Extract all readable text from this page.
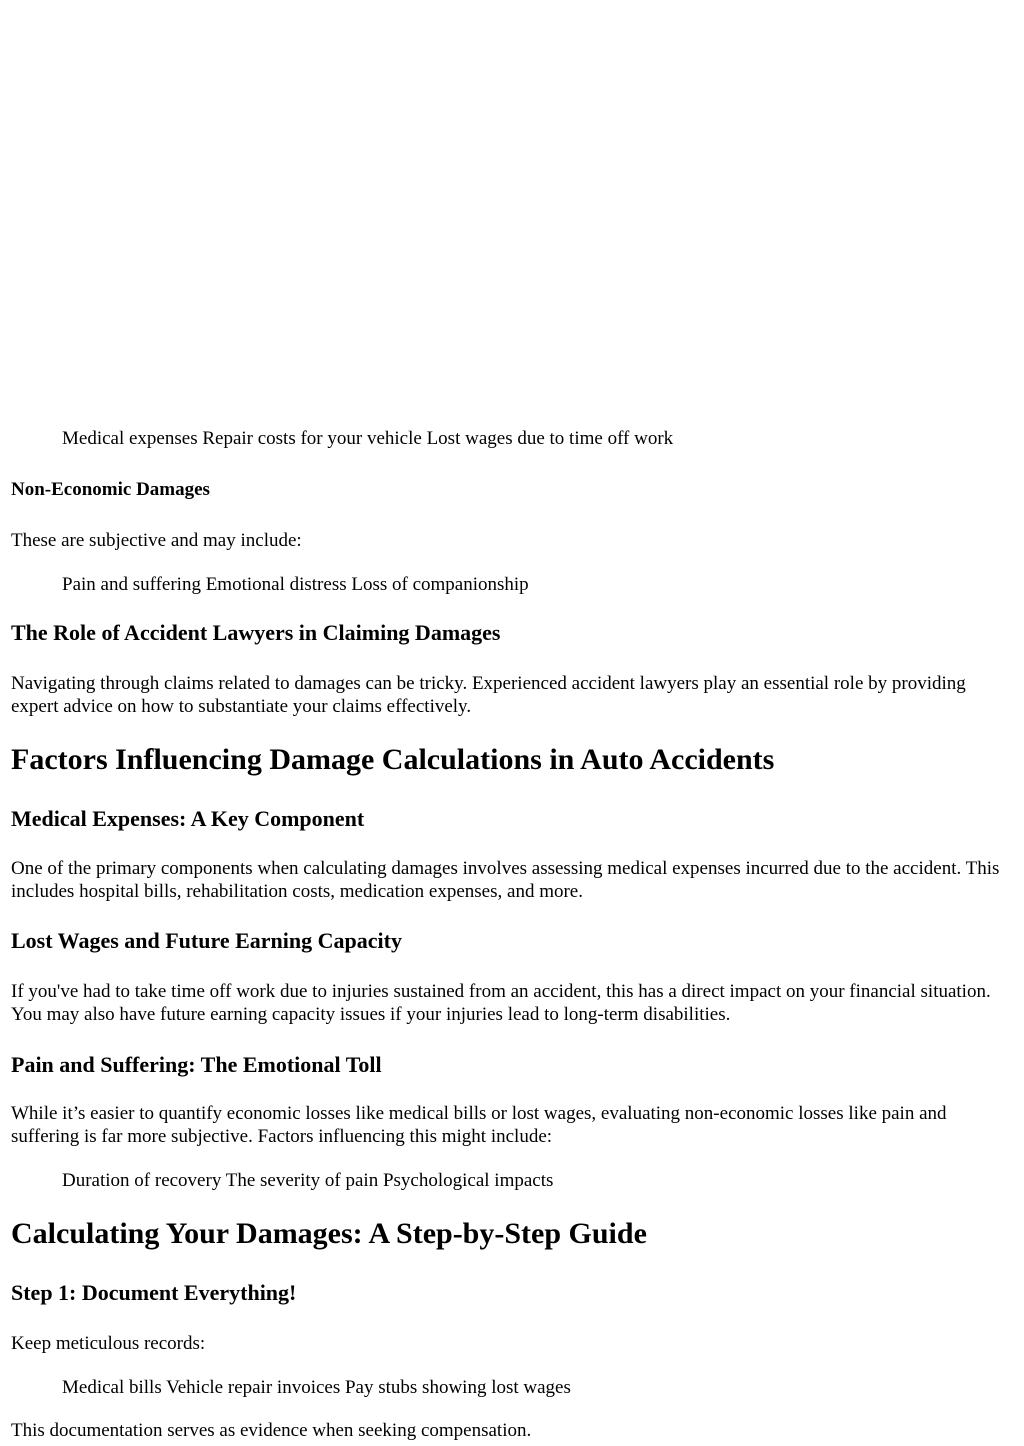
Medical expenses Repair costs for your vehicle Lost wages due to time off work

Non-Economic Damages

These are subjective and may include:

Pain and suffering Emotional distress Loss of companionship

The Role of Accident Lawyers in Claiming Damages

Navigating through claims related to damages can be tricky. Experienced accident lawyers play an essential role by providing expert advice on how to substantiate your claims effectively.

Factors Influencing Damage Calculations in Auto Accidents
Medical Expenses: A Key Component

One of the primary components when calculating damages involves assessing medical expenses incurred due to the accident. This includes hospital bills, rehabilitation costs, medication expenses, and more.

Lost Wages and Future Earning Capacity

If you've had to take time off work due to injuries sustained from an accident, this has a direct impact on your financial situation. You may also have future earning capacity issues if your injuries lead to long-term disabilities.

Pain and Suffering: The Emotional Toll

While it’s easier to quantify economic losses like medical bills or lost wages, evaluating non-economic losses like pain and suffering is far more subjective. Factors influencing this might include:

Duration of recovery The severity of pain Psychological impacts

Calculating Your Damages: A Step-by-Step Guide
Step 1: Document Everything!

Keep meticulous records:

Medical bills Vehicle repair invoices Pay stubs showing lost wages

This documentation serves as evidence when seeking compensation.
